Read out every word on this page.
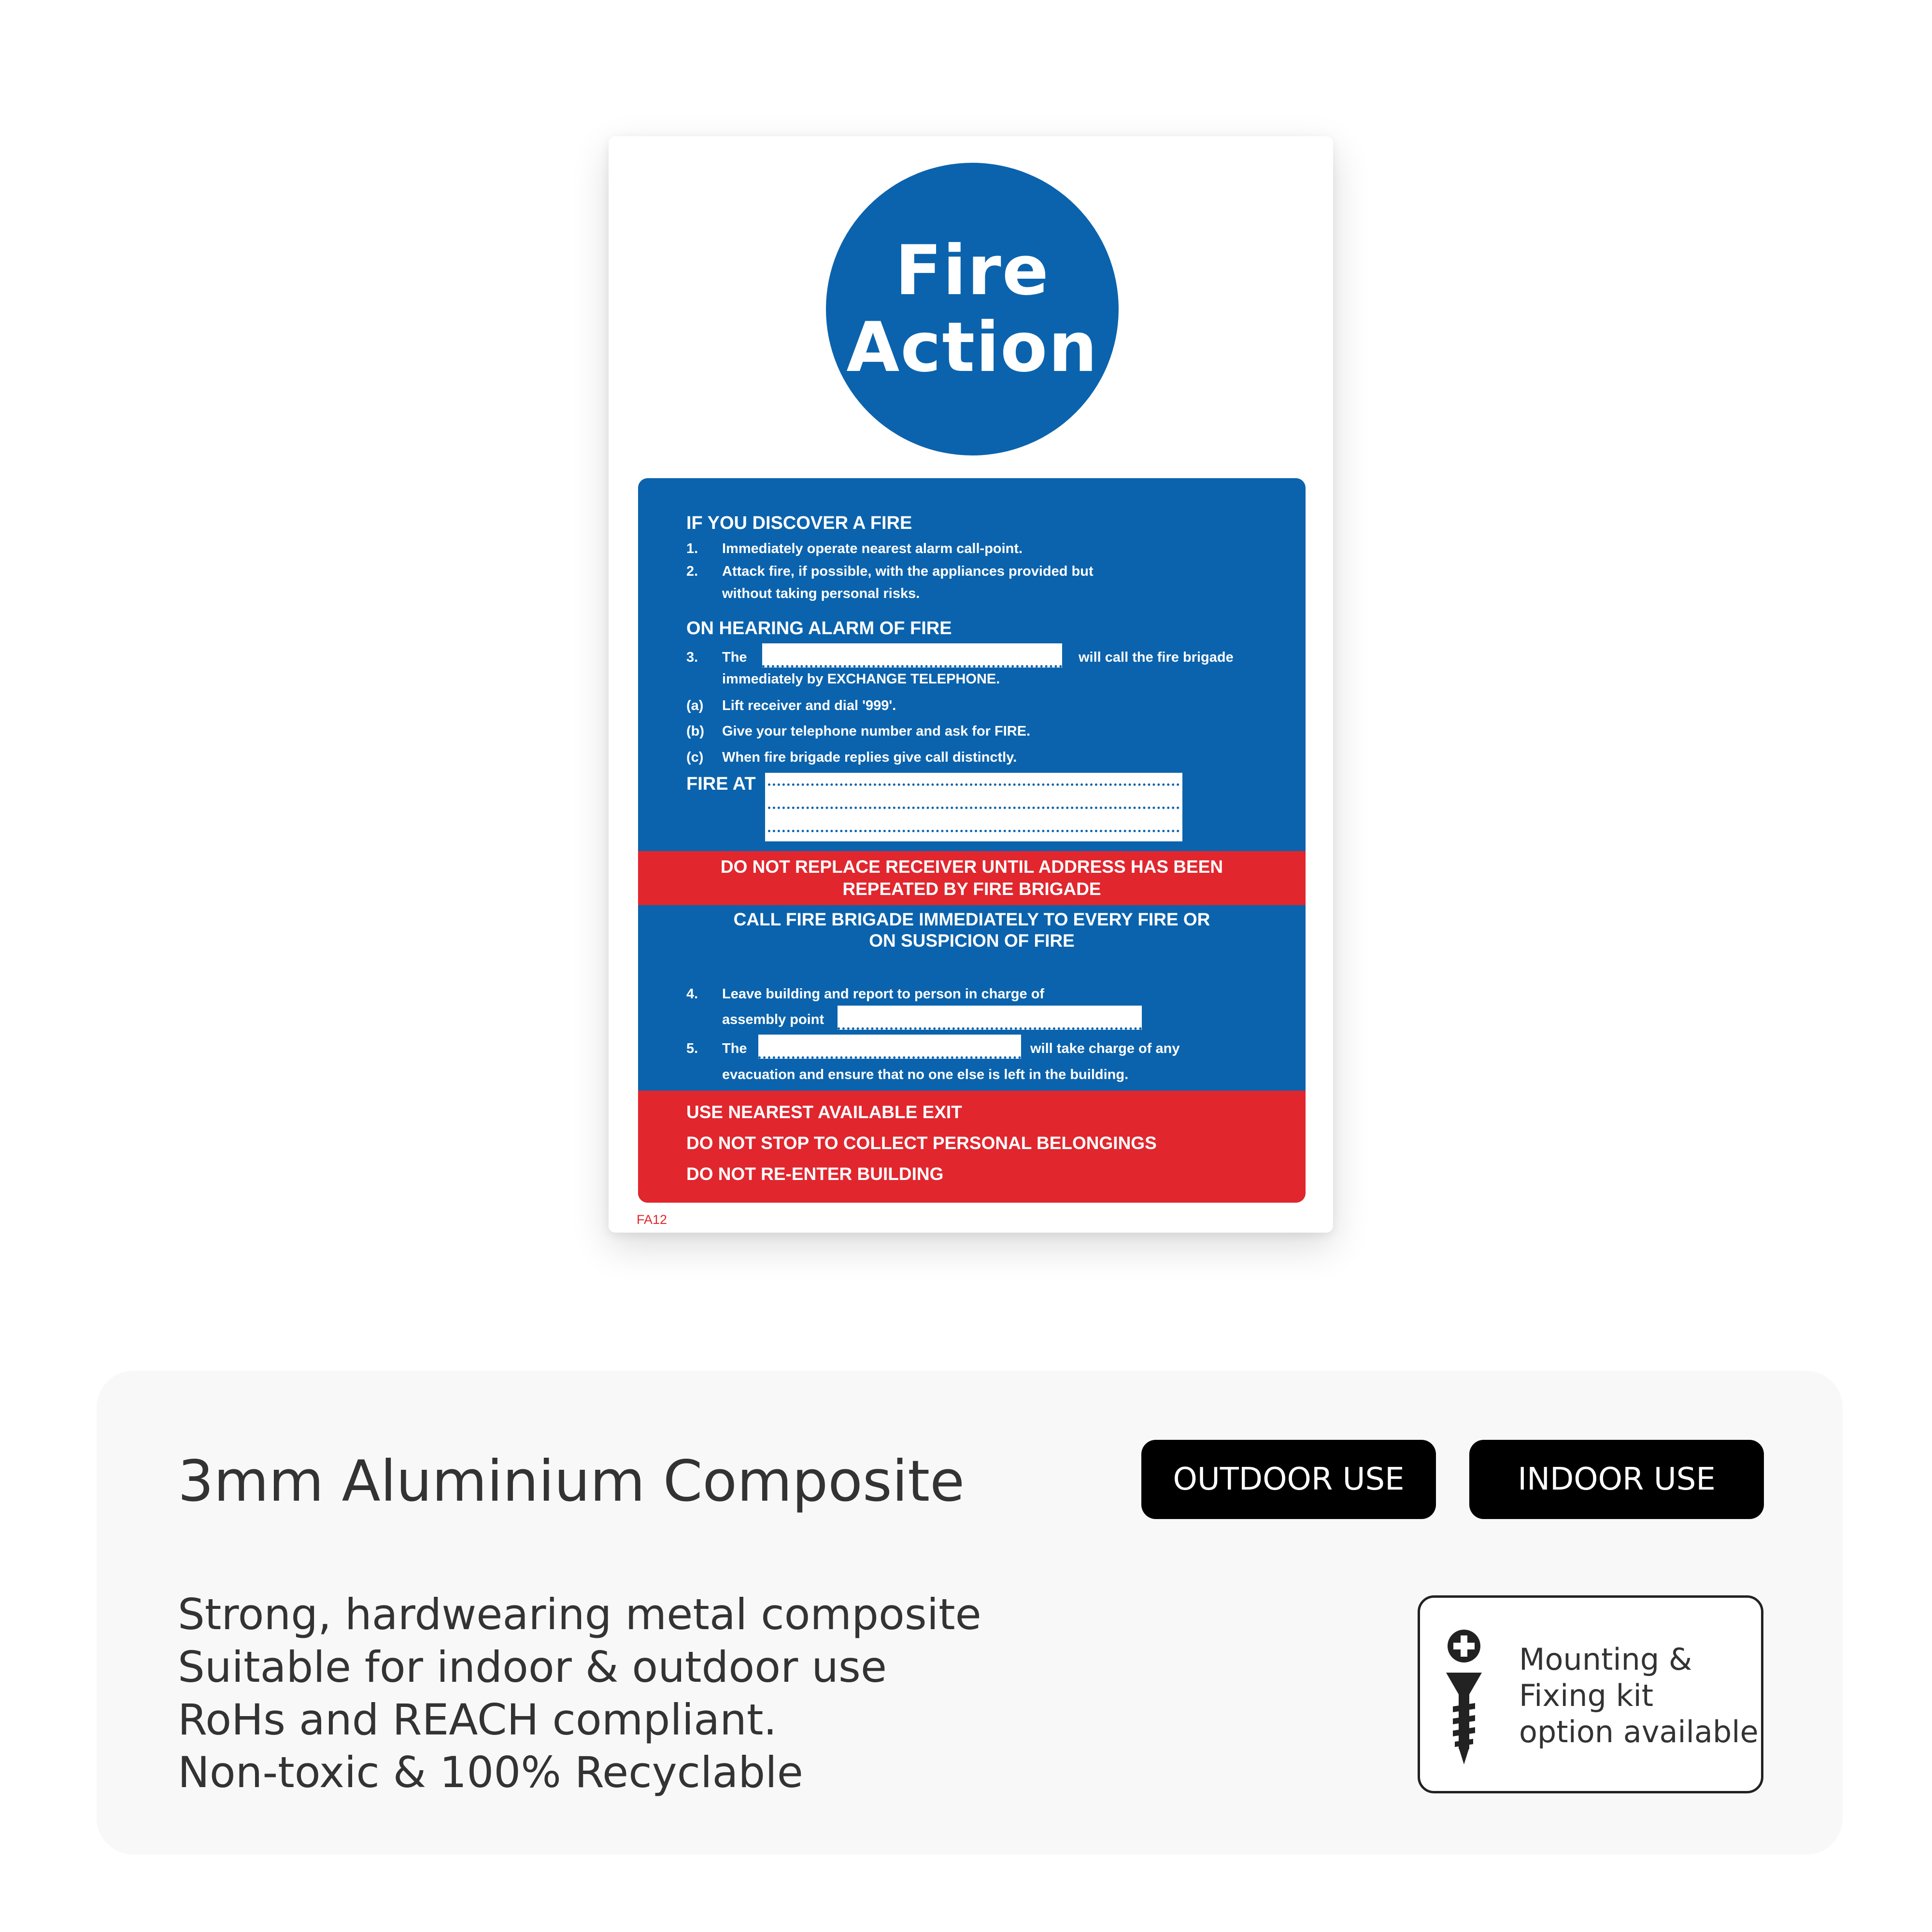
Fire
Action
IF YOU DISCOVER A FIRE
1. Immediately operate nearest alarm call-point.
2. Attack fire, if possible, with the appliances provided but
without taking personal risks.
ON HEARING ALARM OF FIRE
3. The	will call the fire brigade
immediately by EXCHANGE TELEPHONE.
(a) Lift receiver and dial '999'.
(b) Give your telephone number and ask for FIRE.
(c) When fire brigade replies give call distinctly.
FIRE AT
DO NOT REPLACE RECEIVER UNTIL ADDRESS HAS BEEN
REPEATED BY FIRE BRIGADE
CALL FIRE BRIGADE IMMEDIATELY TO EVERY FIRE OR
ON SUSPICION OF FIRE
4. Leave building and report to person in charge of
assembly point
5. The	will take charge of any
evacuation and ensure that no one else is left in the building.
USE NEAREST AVAILABLE EXIT
DO NOT STOP TO COLLECT PERSONAL BELONGINGS
DO NOT RE-ENTER BUILDING
FA12
3mm Aluminium Composite	OUTDOOR USE	INDOOR USE
Strong, hardwearing metal composite
Suitable for indoor & outdoor use
RoHs and REACH compliant.
Non-toxic & 100% Recyclable
Mounting &
Fixing kit
option available
